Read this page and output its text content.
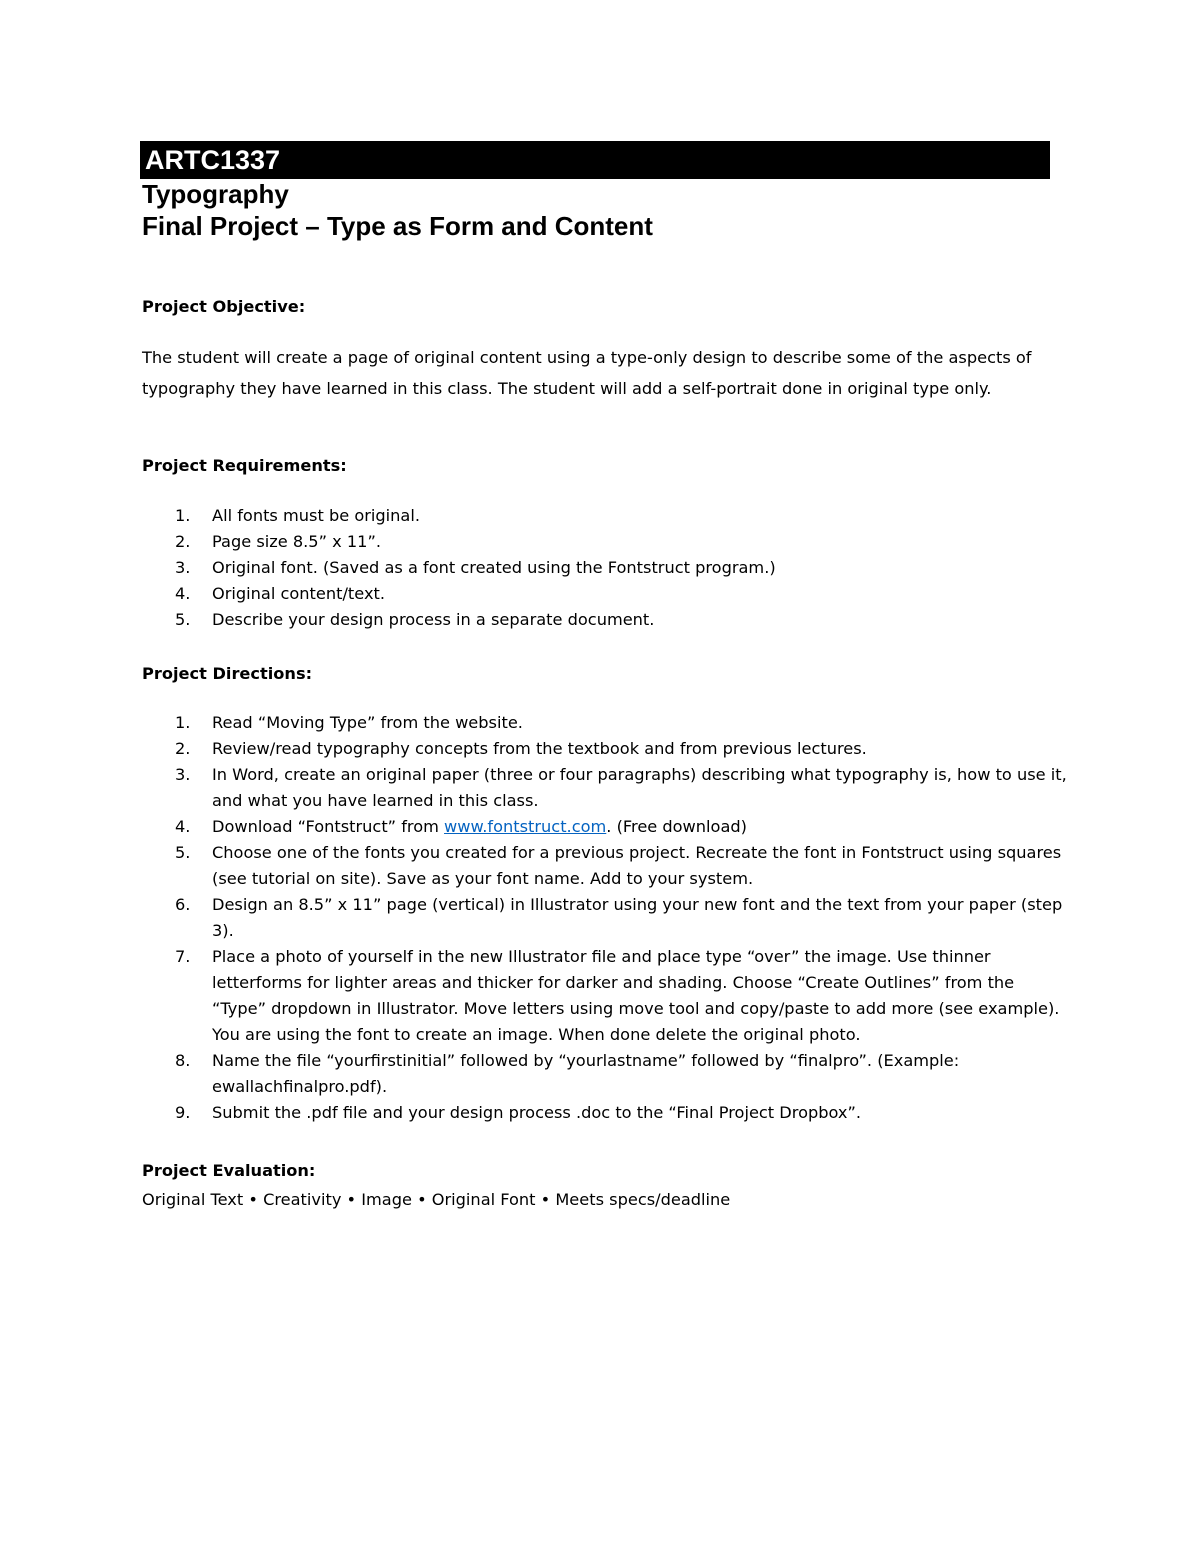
ARTC1337
Typography
Final Project – Type as Form and Content
Project Objective:
The student will create a page of original content using a type-only design to describe some of the aspects of typography they have learned in this class. The student will add a self-portrait done in original type only.
Project Requirements:
1. All fonts must be original.
2. Page size 8.5” x 11”.
3. Original font. (Saved as a font created using the Fontstruct program.)
4. Original content/text.
5. Describe your design process in a separate document.
Project Directions:
1. Read “Moving Type” from the website.
2. Review/read typography concepts from the textbook and from previous lectures.
3. In Word, create an original paper (three or four paragraphs) describing what typography is, how to use it, and what you have learned in this class.
4. Download “Fontstruct” from www.fontstruct.com. (Free download)
5. Choose one of the fonts you created for a previous project. Recreate the font in Fontstruct using squares (see tutorial on site). Save as your font name. Add to your system.
6. Design an 8.5” x 11” page (vertical) in Illustrator using your new font and the text from your paper (step 3).
7. Place a photo of yourself in the new Illustrator file and place type “over” the image. Use thinner letterforms for lighter areas and thicker for darker and shading. Choose “Create Outlines” from the “Type” dropdown in Illustrator. Move letters using move tool and copy/paste to add more (see example). You are using the font to create an image. When done delete the original photo.
8. Name the file “yourfirstinitial” followed by “yourlastname” followed by “finalpro”. (Example: ewallachfinalpro.pdf).
9. Submit the .pdf file and your design process .doc to the “Final Project Dropbox”.
Project Evaluation:
Original Text • Creativity • Image • Original Font • Meets specs/deadline
